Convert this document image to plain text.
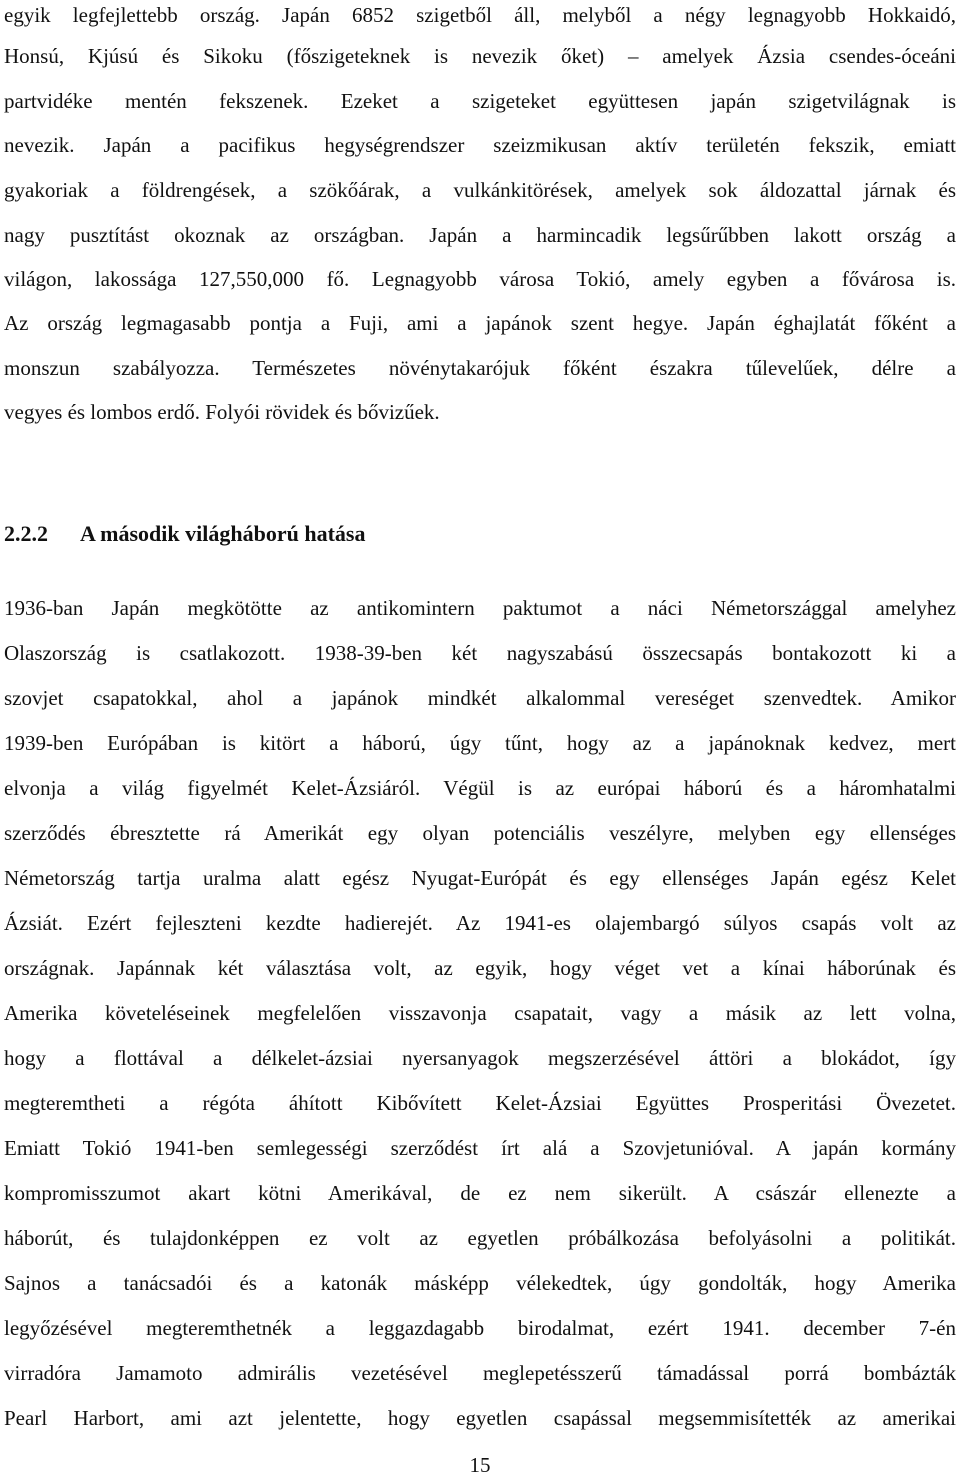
egyik legfejlettebb ország. Japán 6852 szigetből áll, melyből a négy legnagyobb Hokkaidó,
Honsú, Kjúsú és Sikoku (főszigeteknek is nevezik őket) – amelyek Ázsia csendes-óceáni
partvidéke mentén fekszenek. Ezeket a szigeteket együttesen japán szigetvilágnak is
nevezik. Japán a pacifikus hegységrendszer szeizmikusan aktív területén fekszik, emiatt
gyakoriak a földrengések, a szökőárak, a vulkánkitörések, amelyek sok áldozattal járnak és
nagy pusztítást okoznak az országban. Japán a harmincadik legsűrűbben lakott ország a
világon, lakossága 127,550,000 fő. Legnagyobb városa Tokió, amely egyben a fővárosa is.
Az ország legmagasabb pontja a Fuji, ami a japánok szent hegye. Japán éghajlatát főként a
monszun szabályozza. Természetes növénytakarójuk főként északra tűlevelűek, délre a
vegyes és lombos erdő. Folyói rövidek és bővizűek.
2.2.2 A második világháború hatása
1936-ban Japán megkötötte az antikomintern paktumot a náci Németországgal amelyhez
Olaszország is csatlakozott. 1938-39-ben két nagyszabású összecsapás bontakozott ki a
szovjet csapatokkal, ahol a japánok mindkét alkalommal vereséget szenvedtek. Amikor
1939-ben Európában is kitört a háború, úgy tűnt, hogy az a japánoknak kedvez, mert
elvonja a világ figyelmét Kelet-Ázsiáról. Végül is az európai háború és a háromhatalmi
szerződés ébresztette rá Amerikát egy olyan potenciális veszélyre, melyben egy ellenséges
Németország tartja uralma alatt egész Nyugat-Európát és egy ellenséges Japán egész Kelet
Ázsiát. Ezért fejleszteni kezdte hadierejét. Az 1941-es olajembargó súlyos csapás volt az
országnak. Japánnak két választása volt, az egyik, hogy véget vet a kínai háborúnak és
Amerika követeléseinek megfelelően visszavonja csapatait, vagy a másik az lett volna,
hogy a flottával a délkelet-ázsiai nyersanyagok megszerzésével áttöri a blokádot, így
megteremtheti a régóta áhított Kibővített Kelet-Ázsiai Együttes Prosperitási Övezetet.
Emiatt Tokió 1941-ben semlegességi szerződést írt alá a Szovjetunióval. A japán kormány
kompromisszumot akart kötni Amerikával, de ez nem sikerült. A császár ellenezte a
háborút, és tulajdonképpen ez volt az egyetlen próbálkozása befolyásolni a politikát.
Sajnos a tanácsadói és a katonák másképp vélekedtek, úgy gondolták, hogy Amerika
legyőzésével megteremthetnék a leggazdagabb birodalmat, ezért 1941. december 7-én
virradóra Jamamoto admirális vezetésével meglepetésszerű támadással porrá bombázták
Pearl Harbort, ami azt jelentette, hogy egyetlen csapással megsemmisítették az amerikai
15
